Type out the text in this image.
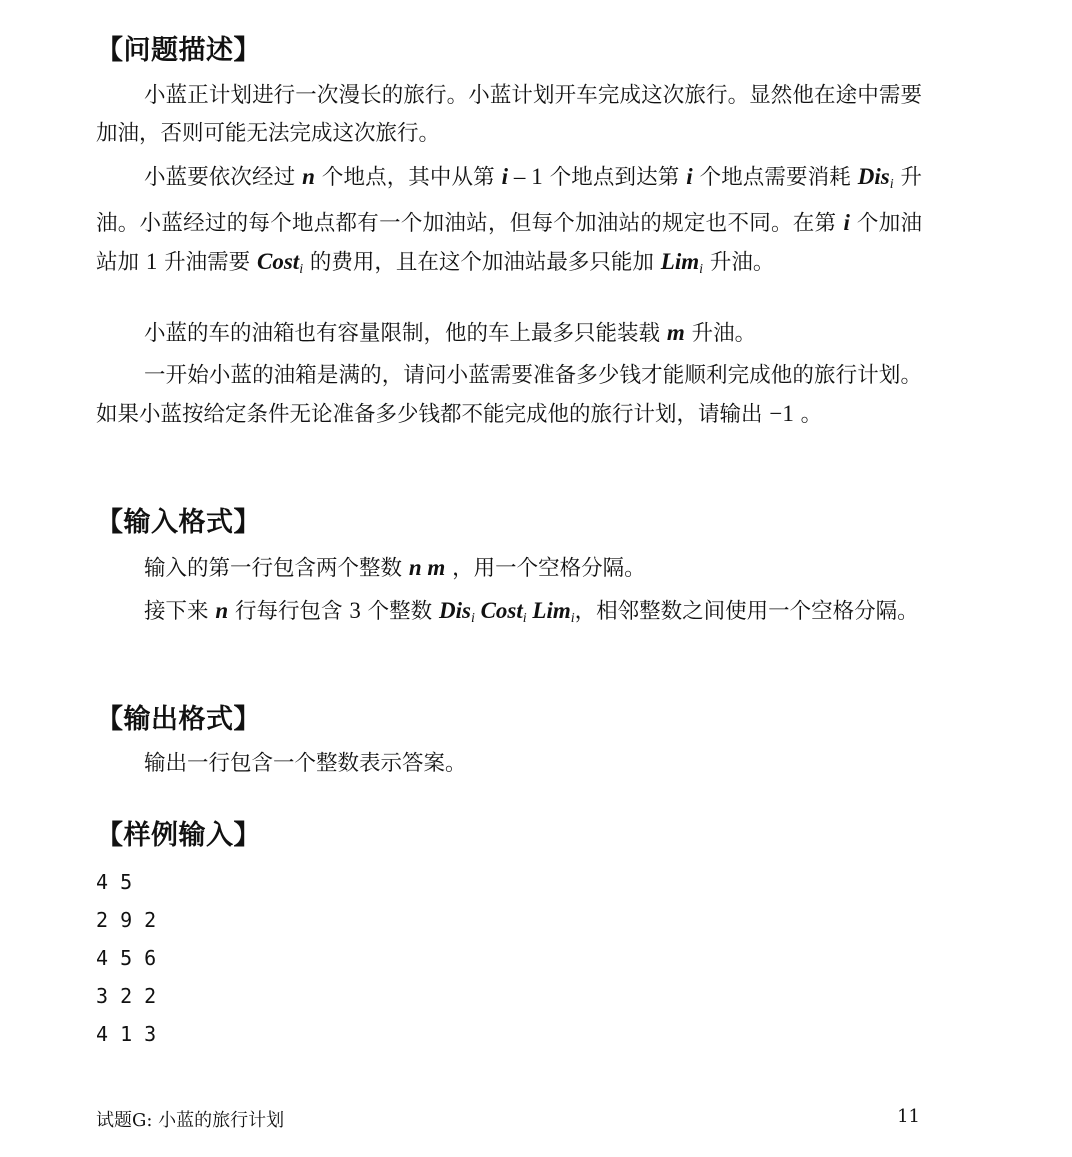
【问题描述】

小蓝正计划进行一次漫长的旅行。小蓝计划开车完成这次旅行。显然他在途中需要加油，否则可能无法完成这次旅行。

小蓝要依次经过 n 个地点，其中从第 i – 1 个地点到达第 i 个地点需要消耗 Dis$_i$ 升油。小蓝经过的每个地点都有一个加油站，但每个加油站的规定也不同。在第 i 个加油站加 1 升油需要 Cost$_i$ 的费用，且在这个加油站最多只能加 Lim$_i$ 升油。

小蓝的车的油箱也有容量限制，他的车上最多只能装载 m 升油。

一开始小蓝的油箱是满的，请问小蓝需要准备多少钱才能顺利完成他的旅行计划。如果小蓝按给定条件无论准备多少钱都不能完成他的旅行计划，请输出 −1 。

【输入格式】

输入的第一行包含两个整数 n m ，用一个空格分隔。

接下来 n 行每行包含 3 个整数 Dis$_i$ Cost$_i$ Lim$_i$，相邻整数之间使用一个空格分隔。

【输出格式】

输出一行包含一个整数表示答案。

【样例输入】

4 5

2 9 2

4 5 6

3 2 2

4 1 3

试题G: 小蓝的旅行计划	11
